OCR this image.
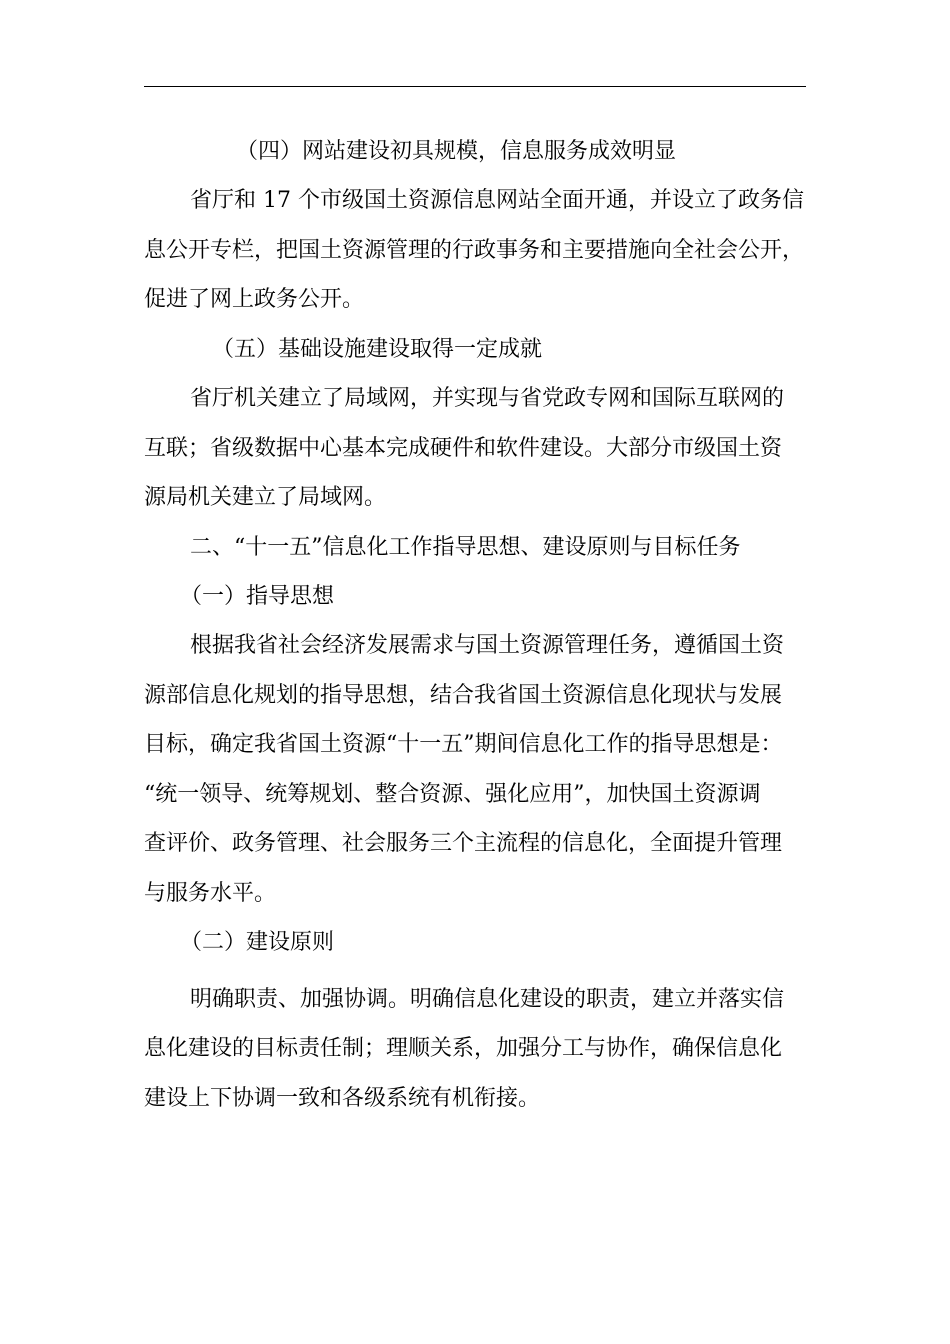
（四）网站建设初具规模，信息服务成效明显
省厅和 17 个市级国土资源信息网站全面开通，并设立了政务信
息公开专栏，把国土资源管理的行政事务和主要措施向全社会公开，
促进了网上政务公开。
（五）基础设施建设取得一定成就
省厅机关建立了局域网，并实现与省党政专网和国际互联网的
互联；省级数据中心基本完成硬件和软件建设。大部分市级国土资
源局机关建立了局域网。
二、“十一五”信息化工作指导思想、建设原则与目标任务
（一）指导思想
根据我省社会经济发展需求与国土资源管理任务，遵循国土资
源部信息化规划的指导思想，结合我省国土资源信息化现状与发展
目标，确定我省国土资源“十一五”期间信息化工作的指导思想是：
“统一领导、统筹规划、整合资源、强化应用”，加快国土资源调
查评价、政务管理、社会服务三个主流程的信息化，全面提升管理
与服务水平。
（二）建设原则
明确职责、加强协调。明确信息化建设的职责，建立并落实信
息化建设的目标责任制；理顺关系，加强分工与协作，确保信息化
建设上下协调一致和各级系统有机衔接。
